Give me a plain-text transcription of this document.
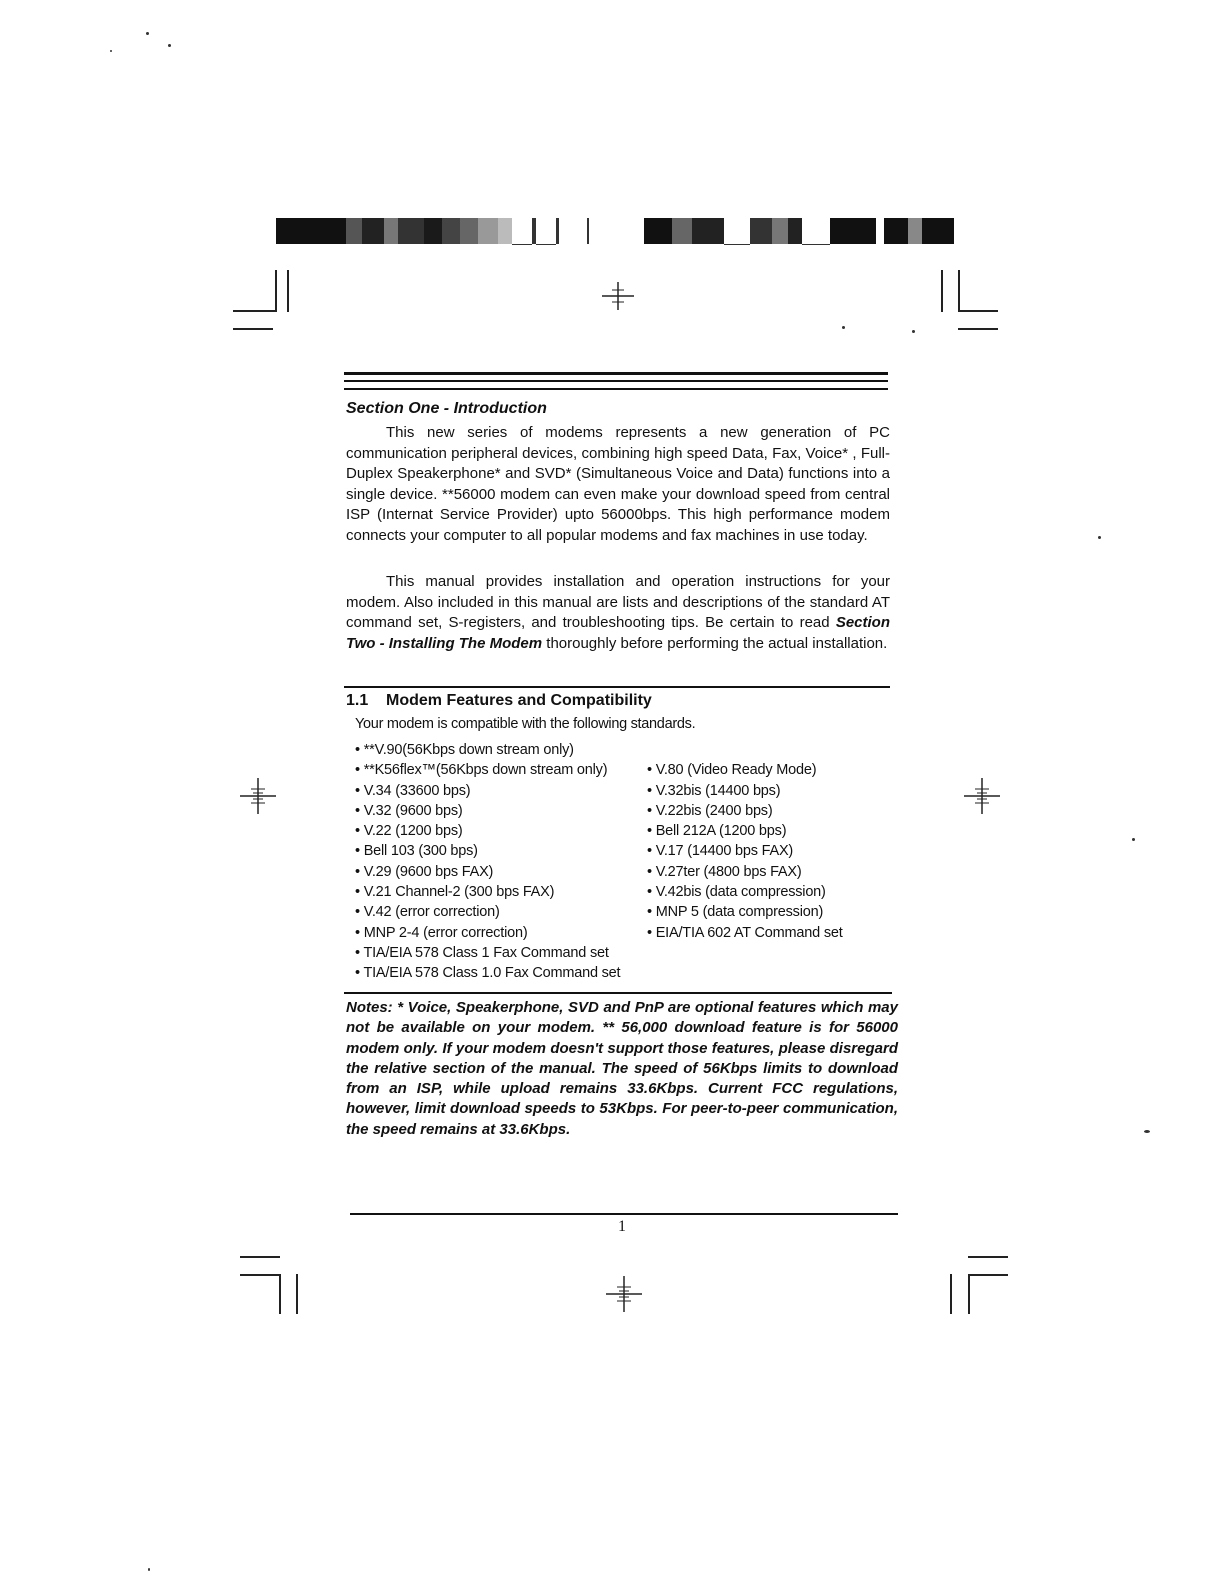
Section One - Introduction
This new series of modems represents a new generation of PC communication peripheral devices, combining high speed Data, Fax, Voice* , Full-Duplex Speakerphone* and SVD* (Simultaneous Voice and Data) functions into a single device. **56000 modem can even make your download speed from central ISP (Internat Service Provider) upto 56000bps. This high performance modem connects your computer to all popular modems and fax machines in use today.
This manual provides installation and operation instructions for your modem. Also included in this manual are lists and descriptions of the standard AT command set, S-registers, and troubleshooting tips. Be certain to read Section Two - Installing The Modem thoroughly before performing the actual installation.
1.1 Modem Features and Compatibility
Your modem is compatible with the following standards.
• **V.90(56Kbps down stream only)
• **K56flex™(56Kbps down stream only)	• V.80 (Video Ready Mode)
• V.34 (33600 bps)	• V.32bis (14400 bps)
• V.32 (9600 bps)	• V.22bis (2400 bps)
• V.22 (1200 bps)	• Bell 212A (1200 bps)
• Bell 103 (300 bps)	• V.17 (14400 bps FAX)
• V.29 (9600 bps FAX)	• V.27ter (4800 bps FAX)
• V.21 Channel-2 (300 bps FAX)	• V.42bis (data compression)
• V.42 (error correction)	• MNP 5 (data compression)
• MNP 2-4 (error correction)	• EIA/TIA 602 AT Command set
• TIA/EIA 578 Class 1 Fax Command set
• TIA/EIA 578 Class 1.0 Fax Command set
Notes: * Voice, Speakerphone, SVD and PnP are optional features which may not be available on your modem. ** 56,000 download feature is for 56000 modem only. If your modem doesn't support those features, please disregard the relative section of the manual. The speed of 56Kbps limits to download from an ISP, while upload remains 33.6Kbps. Current FCC regulations, however, limit download speeds to 53Kbps. For peer-to-peer communication, the speed remains at 33.6Kbps.
1
